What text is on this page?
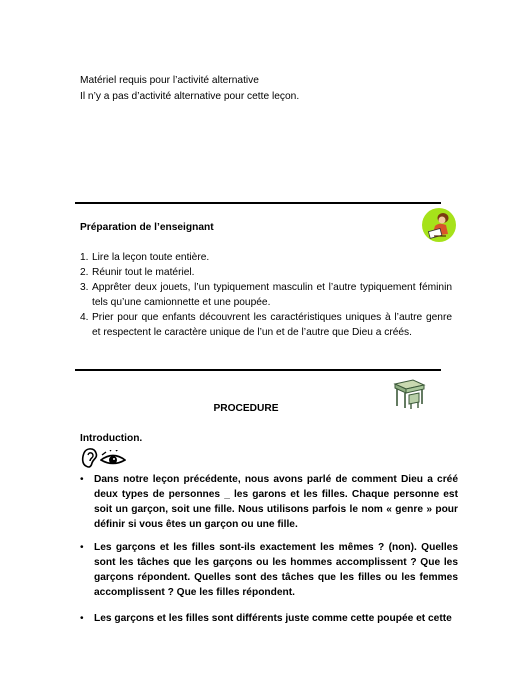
Matériel requis pour l’activité alternative
Il n’y a pas d’activité alternative pour cette leçon.
Préparation de l’enseignant
1. Lire la leçon toute entière.
2. Réunir tout le matériel.
3. Apprêter deux jouets, l’un typiquement masculin et l’autre typiquement féminin tels qu’une camionnette et une poupée.
4. Prier pour que enfants découvrent les caractéristiques uniques à l’autre genre et respectent le caractère unique de l’un et de l’autre que Dieu a créés.
PROCEDURE
Introduction.
• Dans notre leçon précédente, nous avons parlé de comment Dieu a créé deux types de personnes _ les garons et les filles. Chaque personne est soit un garçon, soit une fille. Nous utilisons parfois le nom « genre » pour définir si vous êtes un garçon ou une fille.
• Les garçons et les filles sont-ils exactement les mêmes ? (non). Quelles sont les tâches que les garçons ou les hommes accomplissent ? Que les garçons répondent. Quelles sont des tâches que les filles ou les femmes accomplissent ? Que les filles répondent.
• Les garçons et les filles sont différents juste comme cette poupée et cette
